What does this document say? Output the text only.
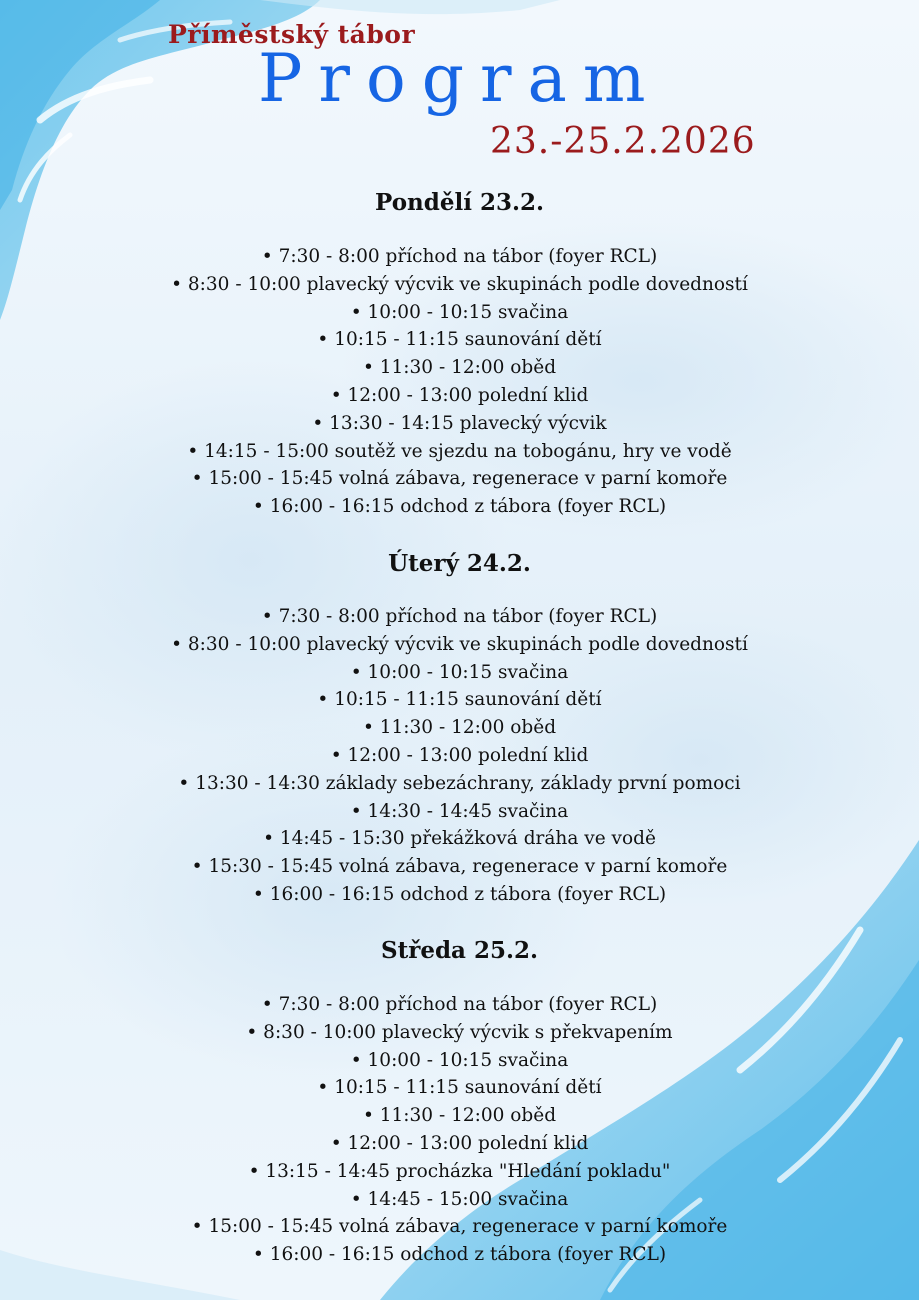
Příměstský tábor
Program
23.-25.2.2026
Pondělí 23.2.
• 7:30 - 8:00 příchod na tábor (foyer RCL)
• 8:30 - 10:00 plavecký výcvik ve skupinách podle dovedností
• 10:00 - 10:15 svačina
• 10:15 - 11:15 saunování dětí
• 11:30 - 12:00 oběd
• 12:00 - 13:00 polední klid
• 13:30 - 14:15 plavecký výcvik
• 14:15 - 15:00 soutěž ve sjezdu na tobogánu, hry ve vodě
• 15:00 - 15:45 volná zábava, regenerace v parní komoře
• 16:00 - 16:15 odchod z tábora (foyer RCL)
Úterý 24.2.
• 7:30 - 8:00 příchod na tábor (foyer RCL)
• 8:30 - 10:00 plavecký výcvik ve skupinách podle dovedností
• 10:00 - 10:15 svačina
• 10:15 - 11:15 saunování dětí
• 11:30 - 12:00 oběd
• 12:00 - 13:00 polední klid
• 13:30 - 14:30 základy sebezáchrany, základy první pomoci
• 14:30 - 14:45 svačina
• 14:45 - 15:30 překážková dráha ve vodě
• 15:30 - 15:45 volná zábava, regenerace v parní komoře
• 16:00 - 16:15 odchod z tábora (foyer RCL)
Středa 25.2.
• 7:30 - 8:00 příchod na tábor (foyer RCL)
• 8:30 - 10:00 plavecký výcvik s překvapením
• 10:00 - 10:15 svačina
• 10:15 - 11:15 saunování dětí
• 11:30 - 12:00 oběd
• 12:00 - 13:00 polední klid
• 13:15 - 14:45 procházka "Hledání pokladu"
• 14:45 - 15:00 svačina
• 15:00 - 15:45 volná zábava, regenerace v parní komoře
• 16:00 - 16:15 odchod z tábora (foyer RCL)
